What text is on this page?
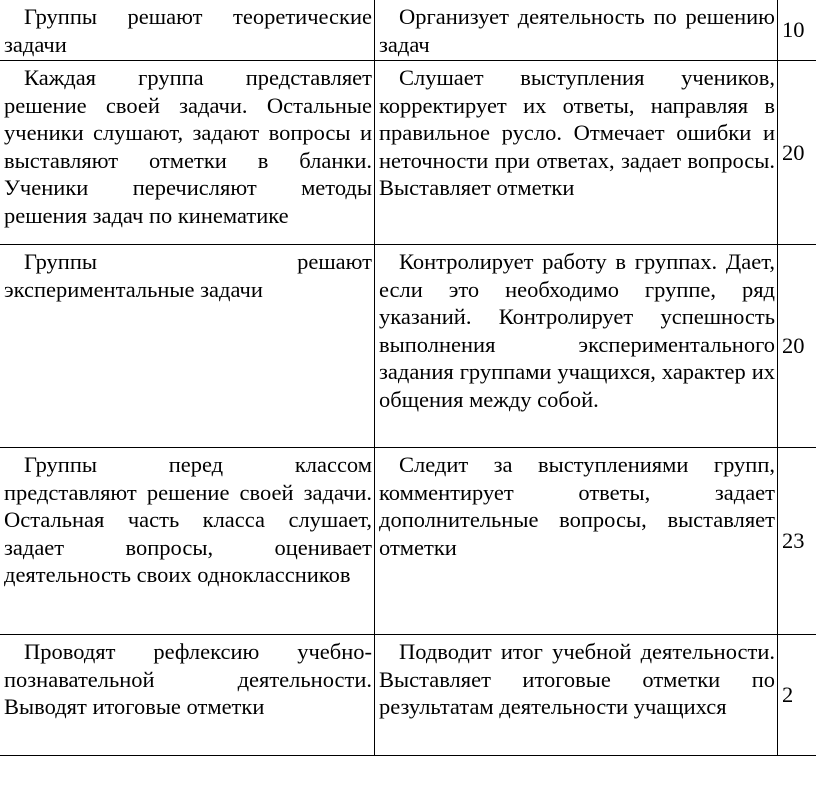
Группы решают теоретические задачи	Организует деятельность по решению задач	10
Каждая группа представляет решение своей задачи. Остальные ученики слушают, задают вопросы и выставляют отметки в бланки. Ученики перечисляют методы решения задач по кинематике	Слушает выступления учеников, корректирует их ответы, направляя в правильное русло. Отмечает ошибки и неточности при ответах, задает вопросы. Выставляет отметки	20
Группы решают экспериментальные задачи	Контролирует работу в группах. Дает, если это необходимо группе, ряд указаний. Контролирует успешность выполнения экспериментального задания группами учащихся, характер их общения между собой.	20
Группы перед классом представляют решение своей задачи. Остальная часть класса слушает, задает вопросы, оценивает деятельность своих одноклассников	Следит за выступлениями групп, комментирует ответы, задает дополнительные вопросы, выставляет отметки	23
Проводят рефлексию учебно-познавательной деятельности. Выводят итоговые отметки	Подводит итог учебной деятельности. Выставляет итоговые отметки по результатам деятельности учащихся	2
